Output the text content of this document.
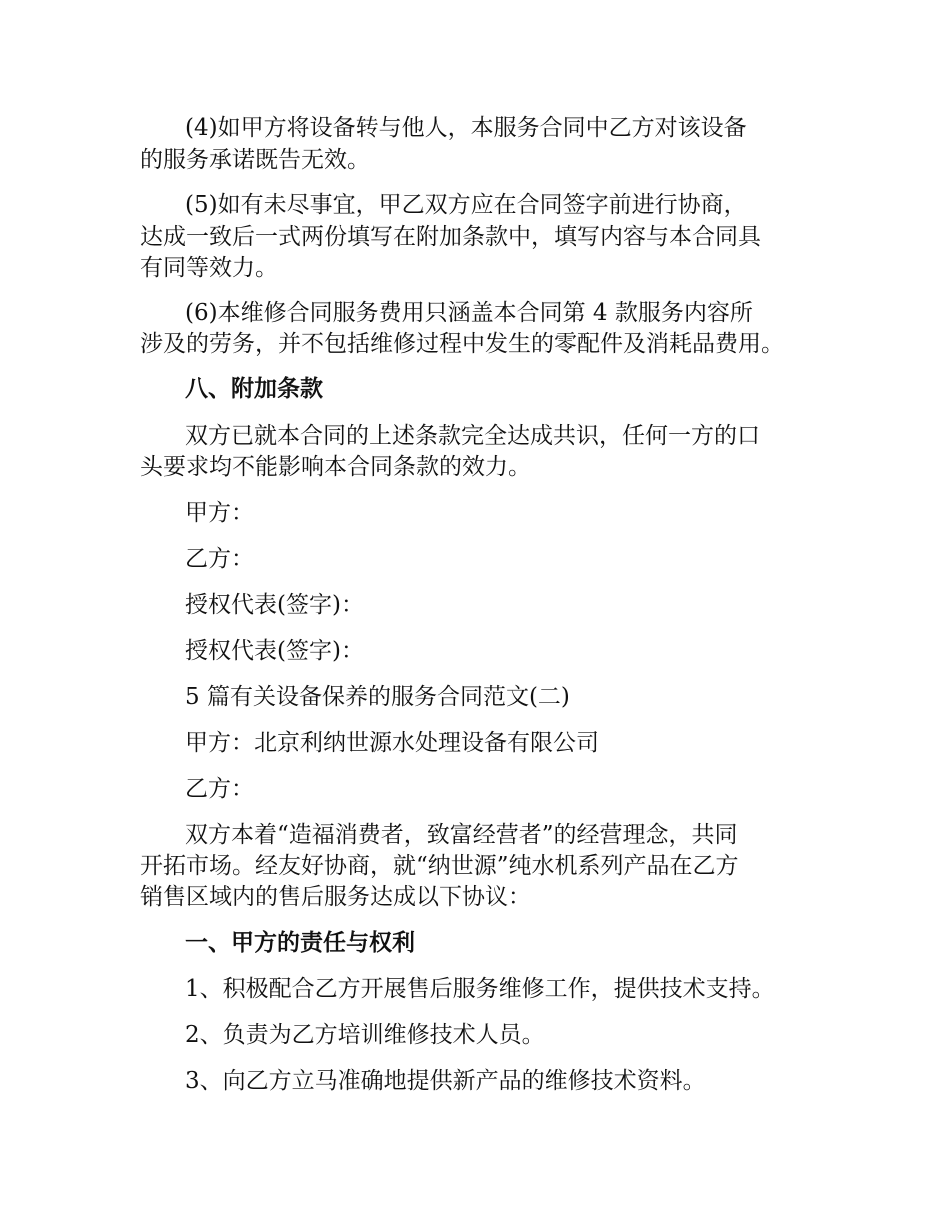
(4)如甲方将设备转与他人，本服务合同中乙方对该设备
的服务承诺既告无效。
(5)如有未尽事宜，甲乙双方应在合同签字前进行协商，
达成一致后一式两份填写在附加条款中，填写内容与本合同具
有同等效力。
(6)本维修合同服务费用只涵盖本合同第 4 款服务内容所
涉及的劳务，并不包括维修过程中发生的零配件及消耗品费用。
八、附加条款
双方已就本合同的上述条款完全达成共识，任何一方的口
头要求均不能影响本合同条款的效力。
甲方：
乙方：
授权代表(签字)：
授权代表(签字)：
5 篇有关设备保养的服务合同范文(二)
甲方：北京利纳世源水处理设备有限公司
乙方：
双方本着“造福消费者，致富经营者”的经营理念，共同
开拓市场。经友好协商，就“纳世源”纯水机系列产品在乙方
销售区域内的售后服务达成以下协议：
一、甲方的责任与权利
1、积极配合乙方开展售后服务维修工作，提供技术支持。
2、负责为乙方培训维修技术人员。
3、向乙方立马准确地提供新产品的维修技术资料。
